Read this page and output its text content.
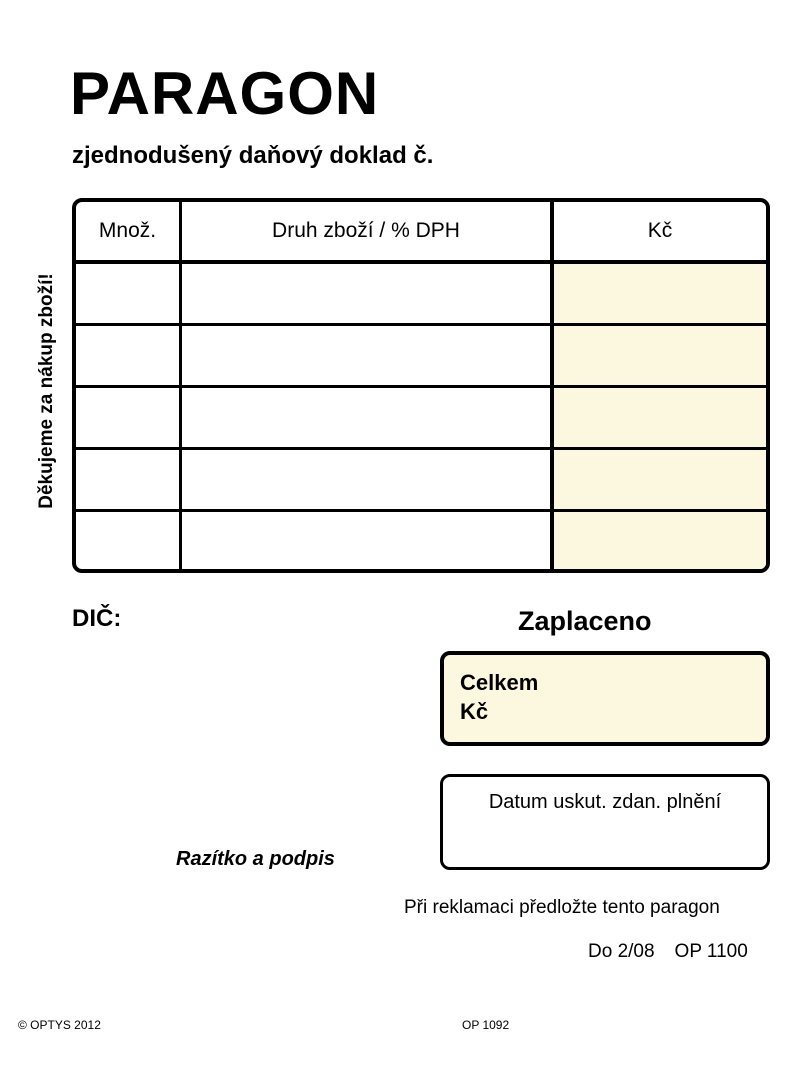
PARAGON
zjednodušený daňový doklad č.
Děkujeme za nákup zboží!
Množ.	Druh zboží / % DPH	Kč
DIČ:	Zaplaceno
Celkem
Kč
Datum uskut. zdan. plnění
Razítko a podpis
Při reklamaci předložte tento paragon
Do 2/08 OP 1100
© OPTYS 2012	OP 1092
